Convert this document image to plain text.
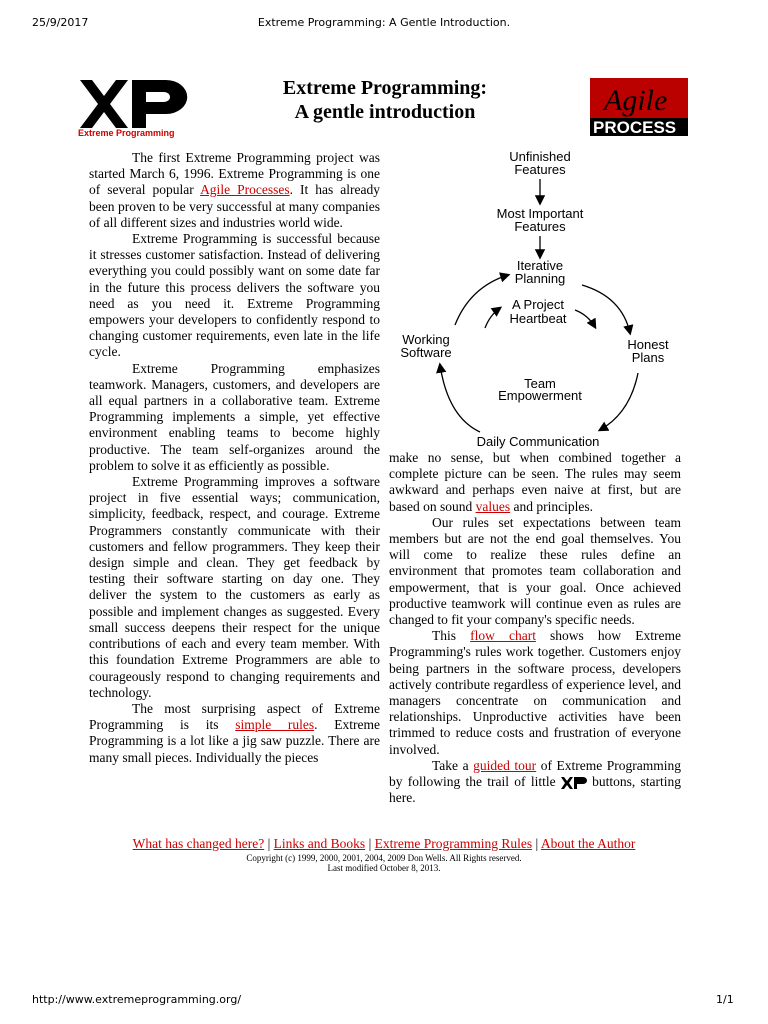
25/9/2017	Extreme Programming: A Gentle Introduction.
Extreme Programming
Agile
PROCESS
Extreme Programming:
A gentle introduction
Unfinished
Features
Most Important
Features
Iterative
Planning
A Project
Heartbeat
Working
Software
Honest
Plans
Team
Empowerment
Daily Communication

The first Extreme Programming project was started March 6, 1996. Extreme Programming is one of several popular Agile Processes. It has already been proven to be very successful at many companies of all different sizes and industries world wide.

Extreme Programming is successful because it stresses customer satisfaction. Instead of delivering everything you could possibly want on some date far in the future this process delivers the software you need as you need it. Extreme Programming empowers your developers to confidently respond to changing customer requirements, even late in the life cycle.

Extreme Programming emphasizes teamwork. Managers, customers, and developers are all equal partners in a collaborative team. Extreme Programming implements a simple, yet effective environment enabling teams to become highly productive. The team self-organizes around the problem to solve it as efficiently as possible.

Extreme Programming improves a software project in five essential ways; communication, simplicity, feedback, respect, and courage. Extreme Programmers constantly communicate with their customers and fellow programmers. They keep their design simple and clean. They get feedback by testing their software starting on day one. They deliver the system to the customers as early as possible and implement changes as suggested. Every small success deepens their respect for the unique contributions of each and every team member. With this foundation Extreme Programmers are able to courageously respond to changing requirements and technology.

The most surprising aspect of Extreme Programming is its simple rules. Extreme Programming is a lot like a jig saw puzzle. There are many small pieces. Individually the pieces

make no sense, but when combined together a complete picture can be seen. The rules may seem awkward and perhaps even naive at first, but are based on sound values and principles.

Our rules set expectations between team members but are not the end goal themselves. You will come to realize these rules define an environment that promotes team collaboration and empowerment, that is your goal. Once achieved productive teamwork will continue even as rules are changed to fit your company's specific needs.

This flow chart shows how Extreme Programming's rules work together. Customers enjoy being partners in the software process, developers actively contribute regardless of experience level, and managers concentrate on communication and relationships. Unproductive activities have been trimmed to reduce costs and frustration of everyone involved.

Take a guided tour of Extreme Programming by following the trail of little  buttons, starting here.

What has changed here? | Links and Books | Extreme Programming Rules | About the Author
Copyright (c) 1999, 2000, 2001, 2004, 2009 Don Wells. All Rights reserved.
Last modified October 8, 2013.
http://www.extremeprogramming.org/	1/1
